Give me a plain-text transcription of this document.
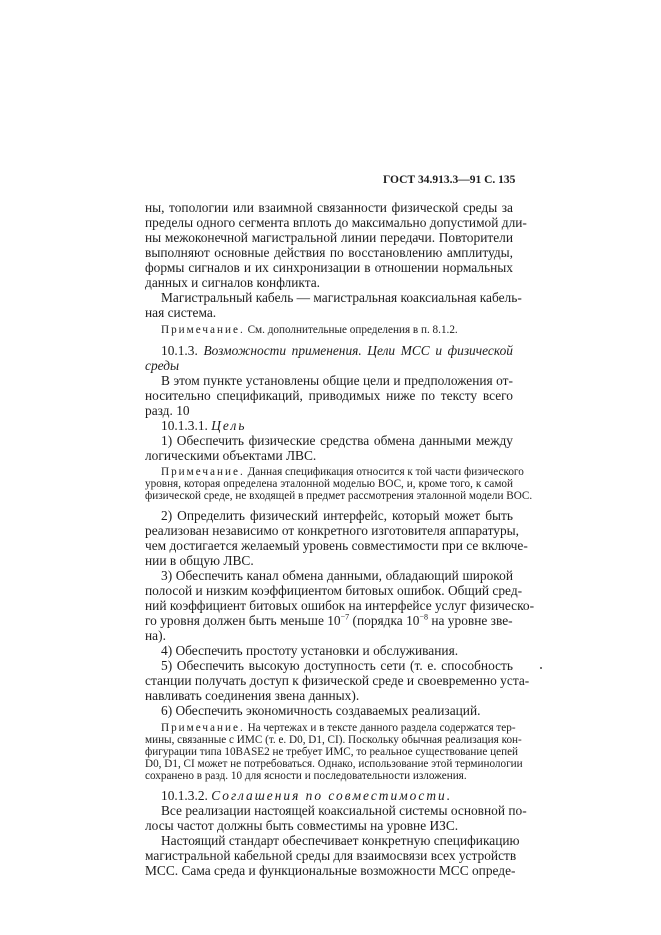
ГОСТ 34.913.3—91 С. 135
ны, топологии или взаимной связанности физической среды за
пределы одного сегмента вплоть до максимально допустимой дли-
ны межоконечной магистральной линии передачи. Повторители
выполняют основные действия по восстановлению амплитуды,
формы сигналов и их синхронизации в отношении нормальных
данных и сигналов конфликта.
Магистральный кабель — магистральная коаксиальная кабель-
ная система.
Примечание. См. дополнительные определения в п. 8.1.2.
10.1.3. Возможности применения. Цели МСС и физической
среды
В этом пункте установлены общие цели и предположения от-
носительно спецификаций, приводимых ниже по тексту всего
разд. 10
10.1.3.1. Цель
1) Обеспечить физические средства обмена данными между
логическими объектами ЛВС.
Примечание. Данная спецификация относится к той части физического
уровня, которая определена эталонной моделью ВОС, и, кроме того, к самой
физической среде, не входящей в предмет рассмотрения эталонной модели ВОС.
2) Определить физический интерфейс, который может быть
реализован независимо от конкретного изготовителя аппаратуры,
чем достигается желаемый уровень совместимости при се включе-
нии в общую ЛВС.
3) Обеспечить канал обмена данными, обладающий широкой
полосой и низким коэффициентом битовых ошибок. Общий сред-
ний коэффициент битовых ошибок на интерфейсе услуг физическо-
го уровня должен быть меньше $10^{-7}$ (порядка $10^{-8}$ на уровне зве-
на).
4) Обеспечить простоту установки и обслуживания.
5) Обеспечить высокую доступность сети (т. е. способность
станции получать доступ к физической среде и своевременно уста-
навливать соединения звена данных).
6) Обеспечить экономичность создаваемых реализаций.
Примечание. На чертежах и в тексте данного раздела содержатся тер-
мины, связанные с ИМС (т. е. D0, D1, CI). Поскольку обычная реализация кон-
фигурации типа 10BASE2 не требует ИМС, то реальное существование цепей
D0, D1, CI может не потребоваться. Однако, использование этой терминологии
сохранено в разд. 10 для ясности и последовательности изложения.
10.1.3.2. Соглашения по совместимости.
Все реализации настоящей коаксиальной системы основной по-
лосы частот должны быть совместимы на уровне ИЗС.
Настоящий стандарт обеспечивает конкретную спецификацию
магистральной кабельной среды для взаимосвязи всех устройств
МСС. Сама среда и функциональные возможности МСС опреде-
